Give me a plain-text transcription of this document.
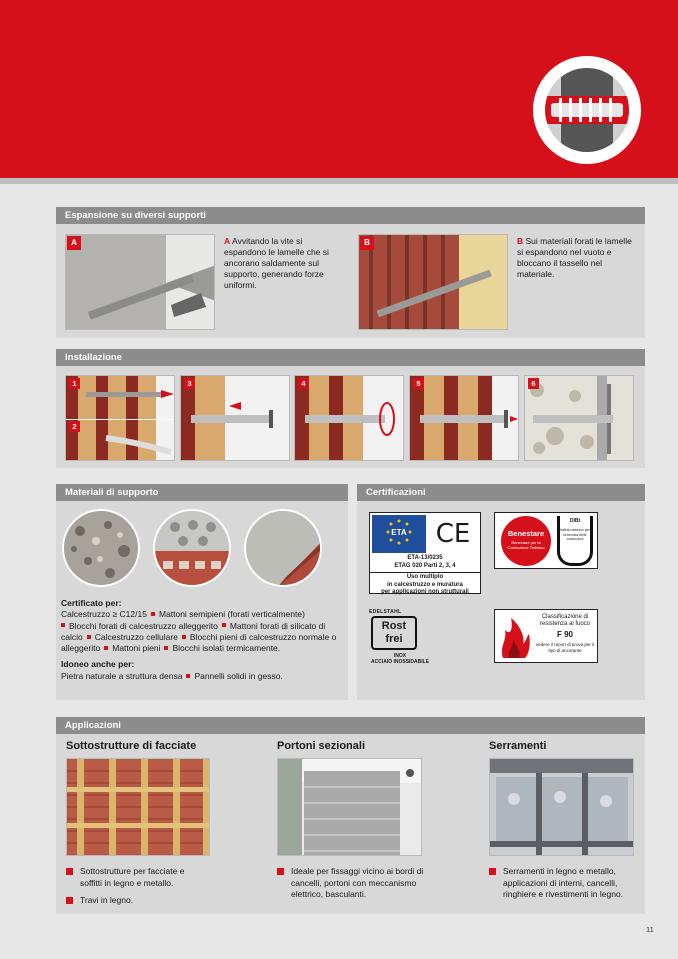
Espansione su diversi supporti
A	A Avvitando la vite si espandono le lamelle che si ancorano saldamente sul supporto, generando forze uniformi.
B	B Sui materiali forati le lamelle si espandono nel vuoto e bloccano il tassello nel materiale.
Installazione
1
2
3	4	5	6
Materiali di supporto
Certificato per:
Calcestruzzo ≥ C12/15 Mattoni semipieni (forati verticalmente)
Blocchi forati di calcestruzzo alleggerito Mattoni forati di silicato di calcio Calcestruzzo cellulare Blocchi pieni di calcestruzzo normale o alleggerito Mattoni pieni Blocchi isolati termicamente.
Idoneo anche per:
Pietra naturale a struttura densa Pannelli solidi in gesso.
Certificazioni
ETA	CE
ETA-13/0235
ETAG 020 Parti 2, 3, 4
Uso multiplo
in calcestruzzo e muratura
per applicazioni non strutturali
Benestare
Benestare per la Costruzione Tedesco
DIBt
Istituto tedesco per la tecnica delle costruzioni
EDELSTAHL
Rost
frei
INOX
ACCIAIO INOSSIDABILE
Classificazione di resistenza al fuoco
F 90
vedere il report di prova per il tipo di ancorante
Applicazioni
Sottostrutture di facciate
Sottostrutture per facciate e soffitti in legno e metallo.
Travi in legno.
Portoni sezionali
Ideale per fissaggi vicino ai bordi di cancelli, portoni con meccanismo elettrico, basculanti.
Serramenti
Serramenti in legno e metallo, applicazioni di interni, cancelli, ringhiere e rivestimenti in legno.
11
